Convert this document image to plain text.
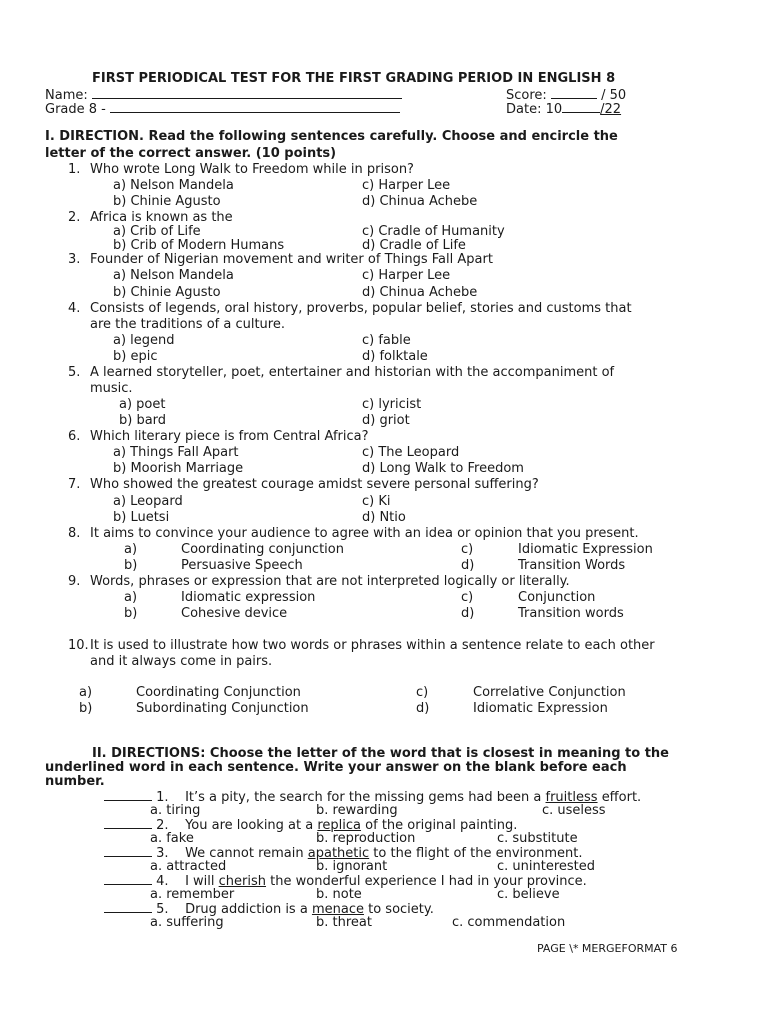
FIRST PERIODICAL TEST FOR THE FIRST GRADING PERIOD IN ENGLISH 8
Name:
Grade 8 -
Score:	/ 50
Date: 10	/22
I. DIRECTION. Read the following sentences carefully. Choose and encircle the
letter of the correct answer. (10 points)
1. Who wrote Long Walk to Freedom while in prison?
a) Nelson Mandela	c) Harper Lee
b) Chinie Agusto	d) Chinua Achebe
2. Africa is known as the
a) Crib of Life	c) Cradle of Humanity
b) Crib of Modern Humans	d) Cradle of Life
3. Founder of Nigerian movement and writer of Things Fall Apart
a) Nelson Mandela	c) Harper Lee
b) Chinie Agusto	d) Chinua Achebe
4. Consists of legends, oral history, proverbs, popular belief, stories and customs that
are the traditions of a culture.
a) legend	c) fable
b) epic	d) folktale
5. A learned storyteller, poet, entertainer and historian with the accompaniment of
music.
a) poet	c) lyricist
b) bard	d) griot
6. Which literary piece is from Central Africa?
a) Things Fall Apart	c) The Leopard
b) Moorish Marriage	d) Long Walk to Freedom
7. Who showed the greatest courage amidst severe personal suffering?
a) Leopard	c) Ki
b) Luetsi	d) Ntio
8. It aims to convince your audience to agree with an idea or opinion that you present.
a)	Coordinating conjunction	c)	Idiomatic Expression
b)	Persuasive Speech	d)	Transition Words
9. Words, phrases or expression that are not interpreted logically or literally.
a)	Idiomatic expression	c)	Conjunction
b)	Cohesive device	d)	Transition words
10. It is used to illustrate how two words or phrases within a sentence relate to each other
and it always come in pairs.
a)	Coordinating Conjunction	c)	Correlative Conjunction
b)	Subordinating Conjunction	d)	Idiomatic Expression
II. DIRECTIONS: Choose the letter of the word that is closest in meaning to the
underlined word in each sentence. Write your answer on the blank before each
number.
1. It’s a pity, the search for the missing gems had been a fruitless effort.
a. tiring	b. rewarding	c. useless
2. You are looking at a replica of the original painting.
a. fake	b. reproduction	c. substitute
3. We cannot remain apathetic to the flight of the environment.
a. attracted	b. ignorant	c. uninterested
4. I will cherish the wonderful experience I had in your province.
a. remember	b. note	c. believe
5. Drug addiction is a menace to society.
a. suffering	b. threat	c. commendation
PAGE \* MERGEFORMAT 6
